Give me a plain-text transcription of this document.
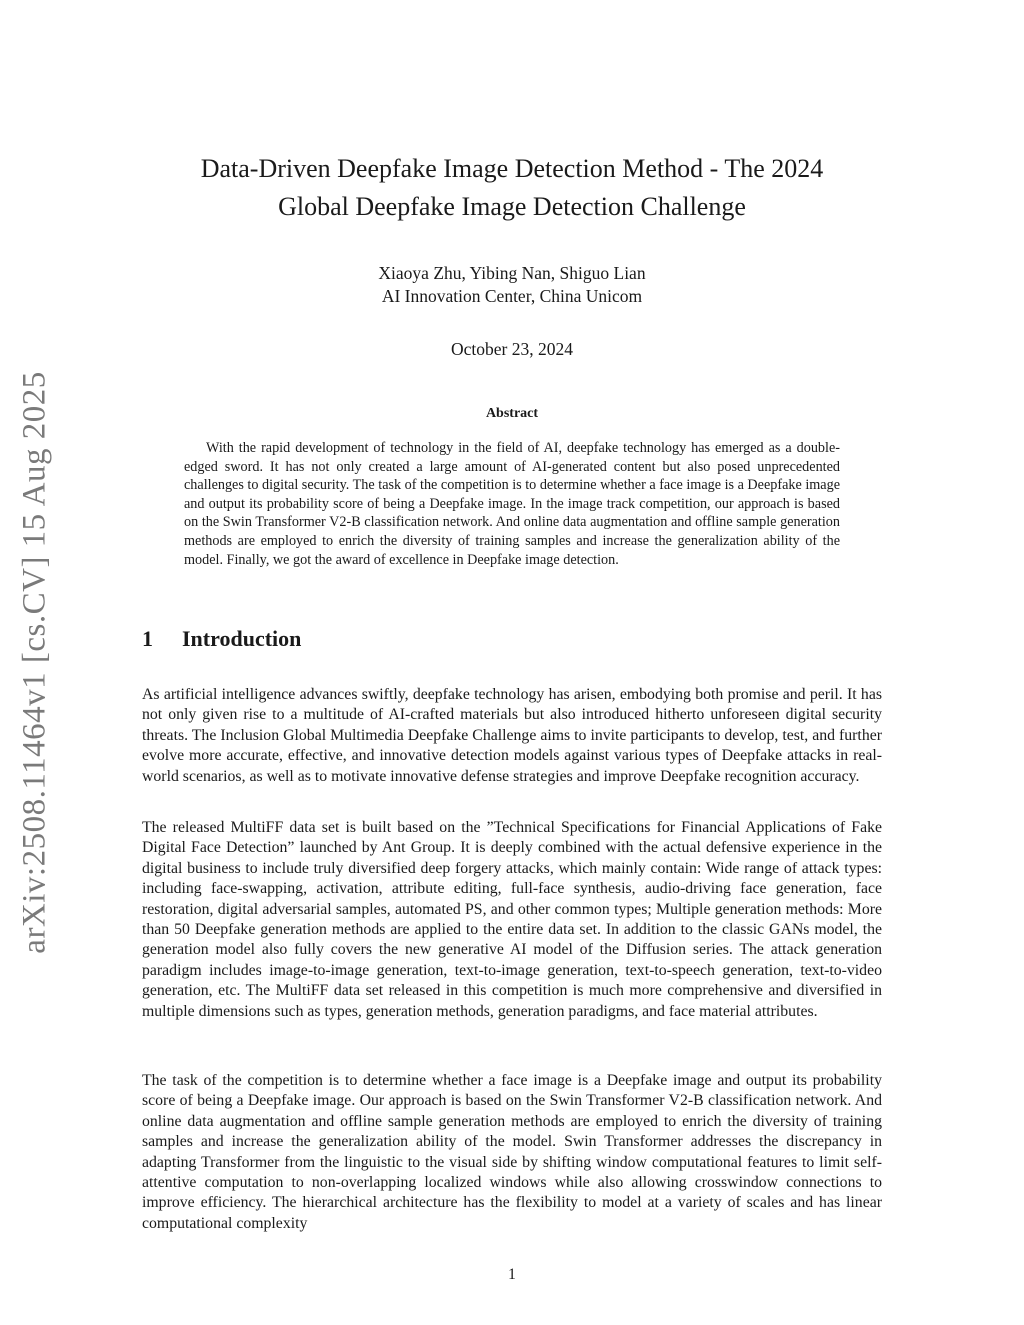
arXiv:2508.11464v1 [cs.CV] 15 Aug 2025
Data-Driven Deepfake Image Detection Method - The 2024
Global Deepfake Image Detection Challenge
Xiaoya Zhu, Yibing Nan, Shiguo Lian
AI Innovation Center, China Unicom
October 23, 2024
Abstract

With the rapid development of technology in the field of AI, deepfake technology has emerged as a double-edged sword. It has not only created a large amount of AI-generated content but also posed unprecedented challenges to digital security. The task of the competition is to determine whether a face image is a Deepfake image and output its probability score of being a Deepfake image. In the image track competition, our approach is based on the Swin Transformer V2-B classification network. And online data augmentation and offline sample generation methods are employed to enrich the diversity of training samples and increase the generalization ability of the model. Finally, we got the award of excellence in Deepfake image detection.

1 Introduction

As artificial intelligence advances swiftly, deepfake technology has arisen, embodying both promise and peril. It has not only given rise to a multitude of AI-crafted materials but also introduced hitherto unforeseen digital security threats. The Inclusion Global Multimedia Deepfake Challenge aims to invite participants to develop, test, and further evolve more accurate, effective, and innovative detection models against various types of Deepfake attacks in real-world scenarios, as well as to motivate innovative defense strategies and improve Deepfake recognition accuracy.

The released MultiFF data set is built based on the ”Technical Specifications for Financial Applications of Fake Digital Face Detection” launched by Ant Group. It is deeply combined with the actual defensive experience in the digital business to include truly diversified deep forgery attacks, which mainly contain: Wide range of attack types: including face-swapping, activation, attribute editing, full-face synthesis, audio-driving face generation, face restoration, digital adversarial samples, automated PS, and other common types; Multiple generation methods: More than 50 Deepfake generation methods are applied to the entire data set. In addition to the classic GANs model, the generation model also fully covers the new generative AI model of the Diffusion series. The attack generation paradigm includes image-to-image generation, text-to-image generation, text-to-speech generation, text-to-video generation, etc. The MultiFF data set released in this competition is much more comprehensive and diversified in multiple dimensions such as types, generation methods, generation paradigms, and face material attributes.

The task of the competition is to determine whether a face image is a Deepfake image and output its probability score of being a Deepfake image. Our approach is based on the Swin Transformer V2-B classification network. And online data augmentation and offline sample generation methods are employed to enrich the diversity of training samples and increase the generalization ability of the model. Swin Transformer addresses the discrepancy in adapting Transformer from the linguistic to the visual side by shifting window computational features to limit self-attentive computation to non-overlapping localized windows while also allowing crosswindow connections to improve efficiency. The hierarchical architecture has the flexibility to model at a variety of scales and has linear computational complexity

1
